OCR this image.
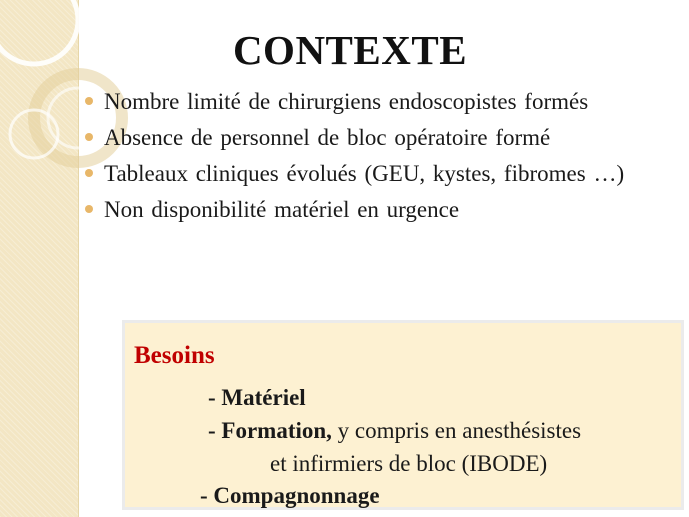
CONTEXTE
Nombre limité de chirurgiens endoscopistes formés
Absence de personnel de bloc opératoire formé
Tableaux cliniques évolués (GEU, kystes, fibromes …)
Non disponibilité matériel en urgence
Besoins
- Matériel
- Formation, y compris en anesthésistes
et infirmiers de bloc (IBODE)
- Compagnonnage
